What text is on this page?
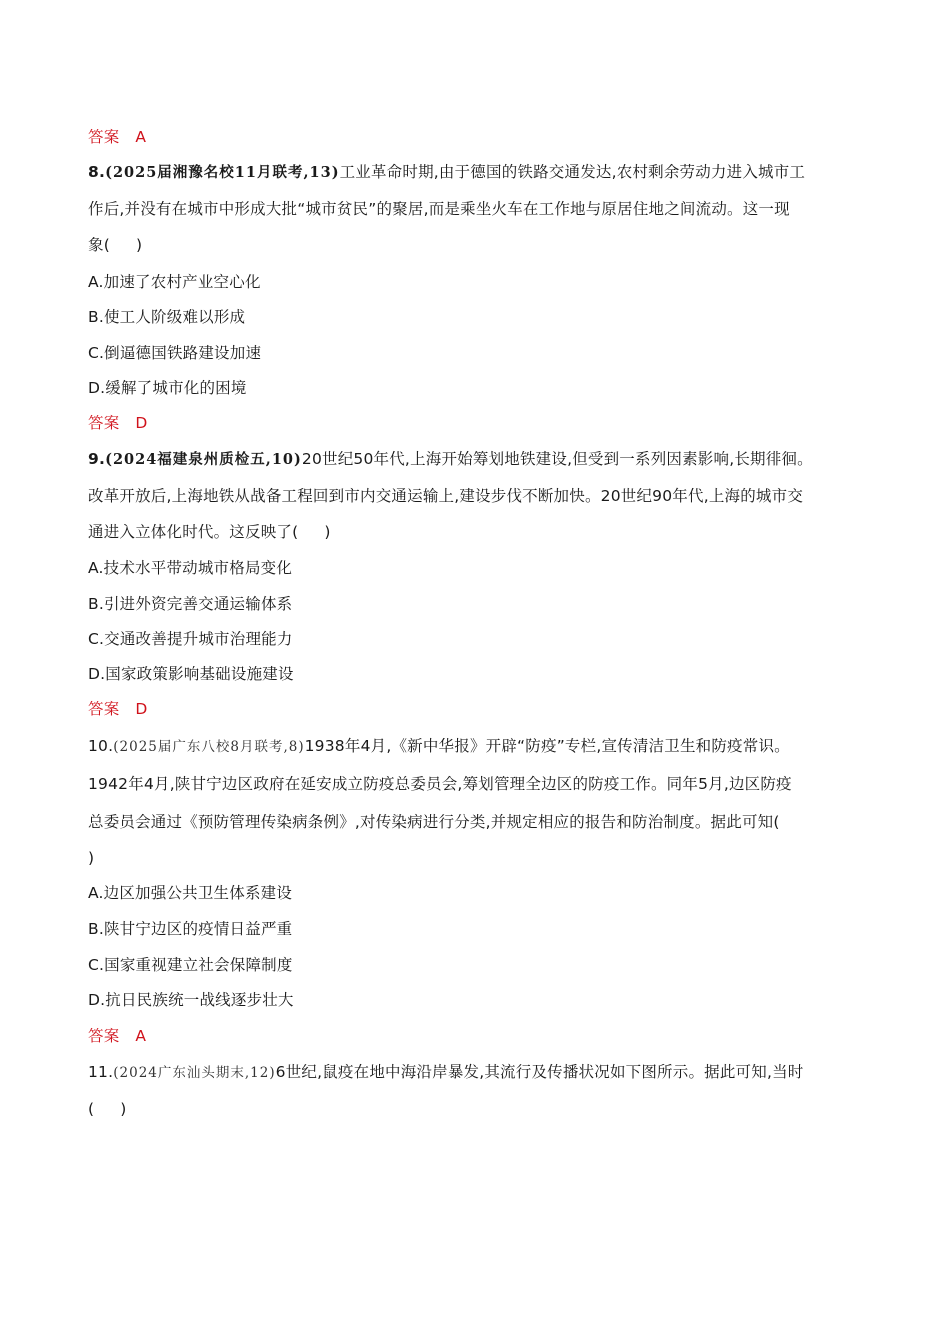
答案 A
8.(2025届湘豫名校11月联考,13)工业革命时期,由于德国的铁路交通发达,农村剩余劳动力进入城市工
作后,并没有在城市中形成大批“城市贫民”的聚居,而是乘坐火车在工作地与原居住地之间流动。这一现
象( )
A.加速了农村产业空心化
B.使工人阶级难以形成
C.倒逼德国铁路建设加速
D.缓解了城市化的困境
答案 D
9.(2024福建泉州质检五,10)20世纪50年代,上海开始筹划地铁建设,但受到一系列因素影响,长期徘徊。
改革开放后,上海地铁从战备工程回到市内交通运输上,建设步伐不断加快。20世纪90年代,上海的城市交
通进入立体化时代。这反映了( )
A.技术水平带动城市格局变化
B.引进外资完善交通运输体系
C.交通改善提升城市治理能力
D.国家政策影响基础设施建设
答案 D
10.(2025届广东八校8月联考,8)1938年4月,《新中华报》开辟“防疫”专栏,宣传清洁卫生和防疫常识。
1942年4月,陕甘宁边区政府在延安成立防疫总委员会,筹划管理全边区的防疫工作。同年5月,边区防疫
总委员会通过《预防管理传染病条例》,对传染病进行分类,并规定相应的报告和防治制度。据此可知(
)
A.边区加强公共卫生体系建设
B.陕甘宁边区的疫情日益严重
C.国家重视建立社会保障制度
D.抗日民族统一战线逐步壮大
答案 A
11.(2024广东汕头期末,12)6世纪,鼠疫在地中海沿岸暴发,其流行及传播状况如下图所示。据此可知,当时
( )
